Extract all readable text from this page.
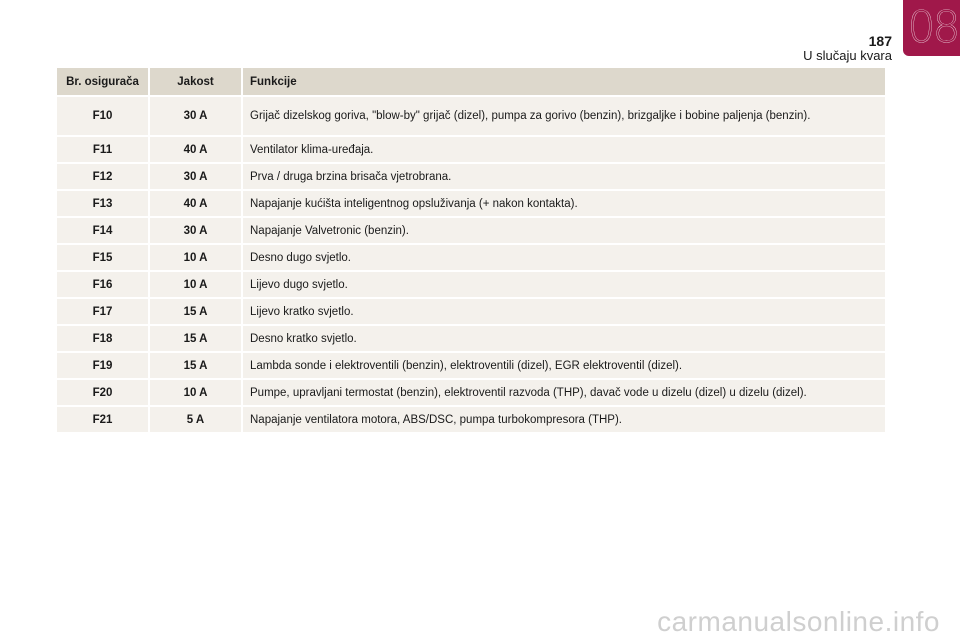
187
U slučaju kvara
08
Br. osigurača	Jakost	Funkcije
F10	30 A	Grijač dizelskog goriva, "blow-by" grijač (dizel), pumpa za gorivo (benzin), brizgaljke i bobine paljenja (benzin).
F11	40 A	Ventilator klima-uređaja.
F12	30 A	Prva / druga brzina brisača vjetrobrana.
F13	40 A	Napajanje kućišta inteligentnog opsluživanja (+ nakon kontakta).
F14	30 A	Napajanje Valvetronic (benzin).
F15	10 A	Desno dugo svjetlo.
F16	10 A	Lijevo dugo svjetlo.
F17	15 A	Lijevo kratko svjetlo.
F18	15 A	Desno kratko svjetlo.
F19	15 A	Lambda sonde i elektroventili (benzin), elektroventili (dizel), EGR elektroventil (dizel).
F20	10 A	Pumpe, upravljani termostat (benzin), elektroventil razvoda (THP), davač vode u dizelu (dizel) u dizelu (dizel).
F21	5 A	Napajanje ventilatora motora, ABS/DSC, pumpa turbokompresora (THP).
carmanualsonline.info
